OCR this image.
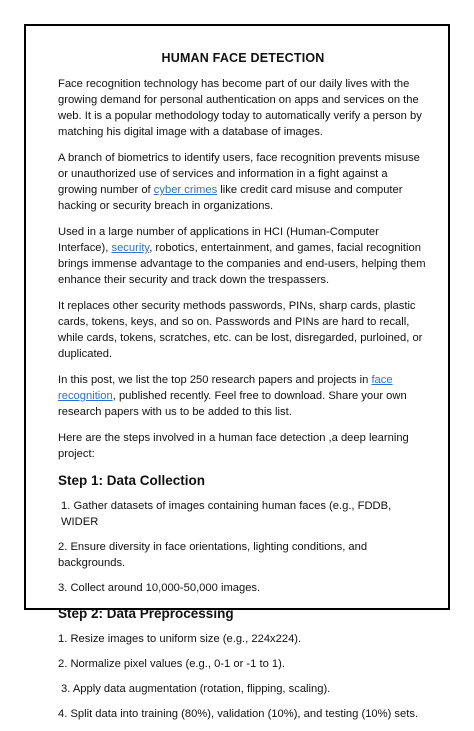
HUMAN FACE DETECTION

Face recognition technology has become part of our daily lives with the growing demand for personal authentication on apps and services on the web. It is a popular methodology today to automatically verify a person by matching his digital image with a database of images.

A branch of biometrics to identify users, face recognition prevents misuse or unauthorized use of services and information in a fight against a growing number of cyber crimes like credit card misuse and computer hacking or security breach in organizations.

Used in a large number of applications in HCI (Human-Computer Interface), security, robotics, entertainment, and games, facial recognition brings immense advantage to the companies and end-users, helping them enhance their security and track down the trespassers.

It replaces other security methods passwords, PINs, sharp cards, plastic cards, tokens, keys, and so on. Passwords and PINs are hard to recall, while cards, tokens, scratches, etc. can be lost, disregarded, purloined, or duplicated.

In this post, we list the top 250 research papers and projects in face recognition, published recently. Feel free to download. Share your own research papers with us to be added to this list.

Here are the steps involved in a human face detection ,a deep learning project:

Step 1: Data Collection
1. Gather datasets of images containing human faces (e.g., FDDB, WIDER
2. Ensure diversity in face orientations, lighting conditions, and backgrounds.
3. Collect around 10,000-50,000 images.
Step 2: Data Preprocessing
1. Resize images to uniform size (e.g., 224x224).
2. Normalize pixel values (e.g., 0-1 or -1 to 1).
3. Apply data augmentation (rotation, flipping, scaling).
4. Split data into training (80%), validation (10%), and testing (10%) sets.
